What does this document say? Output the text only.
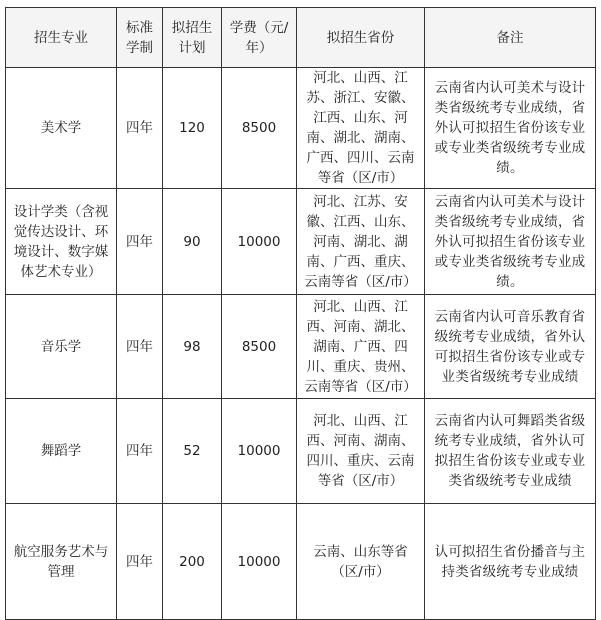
招生专业	标准学制	拟招生计划	学费（元/年）	拟招生省份	备注
美术学	四年	120	8500	河北、山西、江苏、浙江、安徽、江西、山东、河南、湖北、湖南、广西、四川、云南等省（区/市）	云南省内认可美术与设计类省级统考专业成绩，省外认可拟招生省份该专业或专业类省级统考专业成绩。
设计学类（含视觉传达设计、环境设计、数字媒体艺术专业）	四年	90	10000	河北、江苏、安徽、江西、山东、河南、湖北、湖南、广西、重庆、云南等省（区/市）	云南省内认可美术与设计类省级统考专业成绩，省外认可拟招生省份该专业或专业类省级统考专业成绩。
音乐学	四年	98	8500	河北、山西、江西、河南、湖北、湖南、广西、四川、重庆、贵州、云南等省（区/市）	云南省内认可音乐教育省级统考专业成绩，省外认可拟招生省份该专业或专业类省级统考专业成绩
舞蹈学	四年	52	10000	河北、山西、江西、河南、湖南、四川、重庆、云南等省（区/市）	云南省内认可舞蹈类省级统考专业成绩，省外认可拟招生省份该专业或专业类省级统考专业成绩
航空服务艺术与管理	四年	200	10000	云南、山东等省（区/市）	认可拟招生省份播音与主持类省级统考专业成绩
